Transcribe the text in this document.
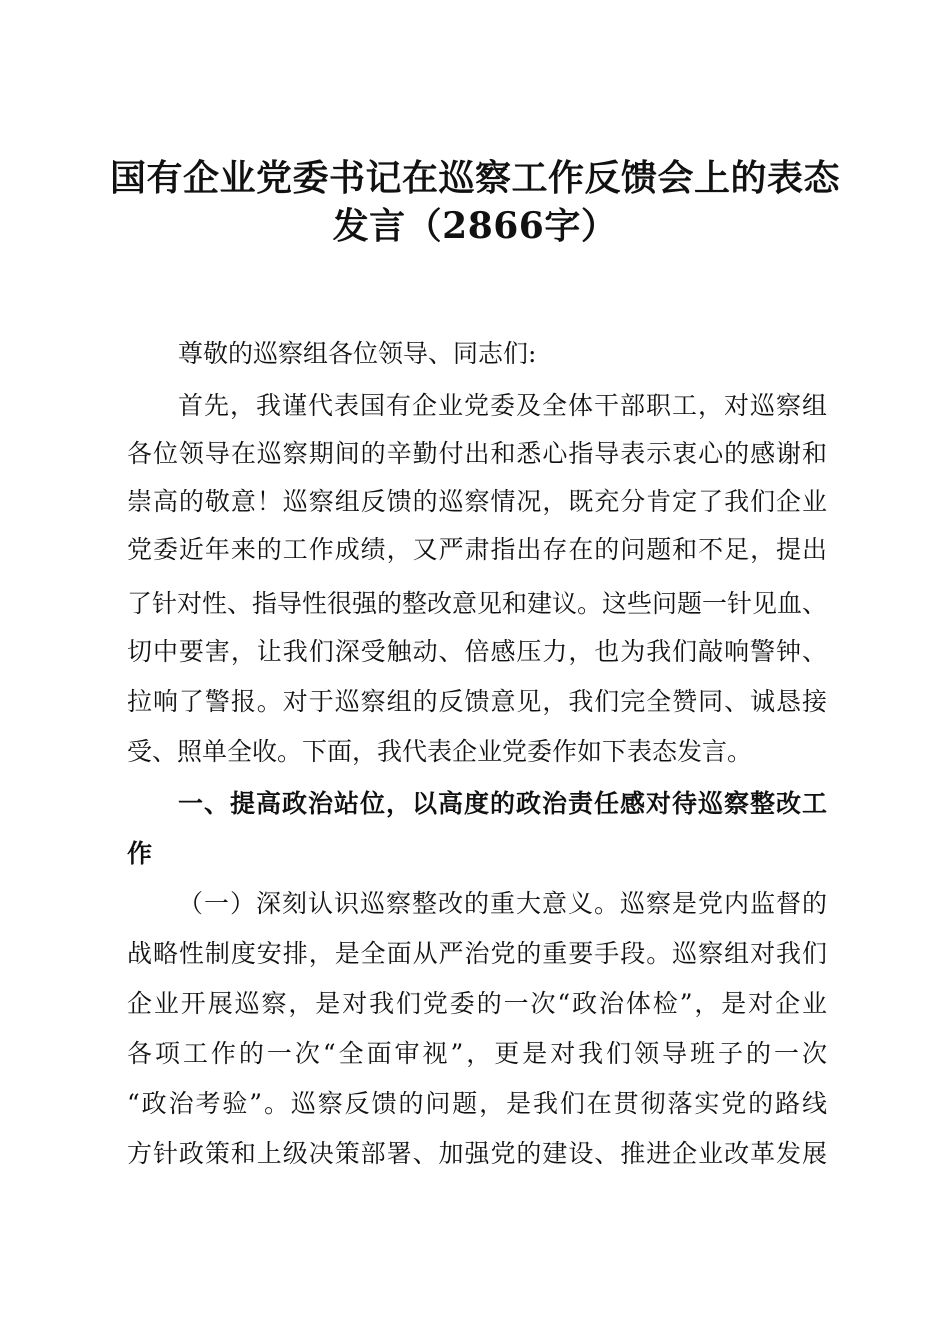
国有企业党委书记在巡察工作反馈会上的表态
发言（2866字）
尊敬的巡察组各位领导、同志们:
首先，我谨代表国有企业党委及全体干部职工，对巡察组
各位领导在巡察期间的辛勤付出和悉心指导表示衷心的感谢和
崇高的敬意！巡察组反馈的巡察情况，既充分肯定了我们企业
党委近年来的工作成绩，又严肃指出存在的问题和不足，提出
了针对性、指导性很强的整改意见和建议。这些问题一针见血、
切中要害，让我们深受触动、倍感压力，也为我们敲响警钟、
拉响了警报。对于巡察组的反馈意见，我们完全赞同、诚恳接
受、照单全收。下面，我代表企业党委作如下表态发言。
一、提高政治站位，以高度的政治责任感对待巡察整改工
作
（一）深刻认识巡察整改的重大意义。巡察是党内监督的
战略性制度安排，是全面从严治党的重要手段。巡察组对我们
企业开展巡察，是对我们党委的一次“政治体检”，是对企业
各项工作的一次“全面审视”，更是对我们领导班子的一次
“政治考验”。巡察反馈的问题，是我们在贯彻落实党的路线
方针政策和上级决策部署、加强党的建设、推进企业改革发展
